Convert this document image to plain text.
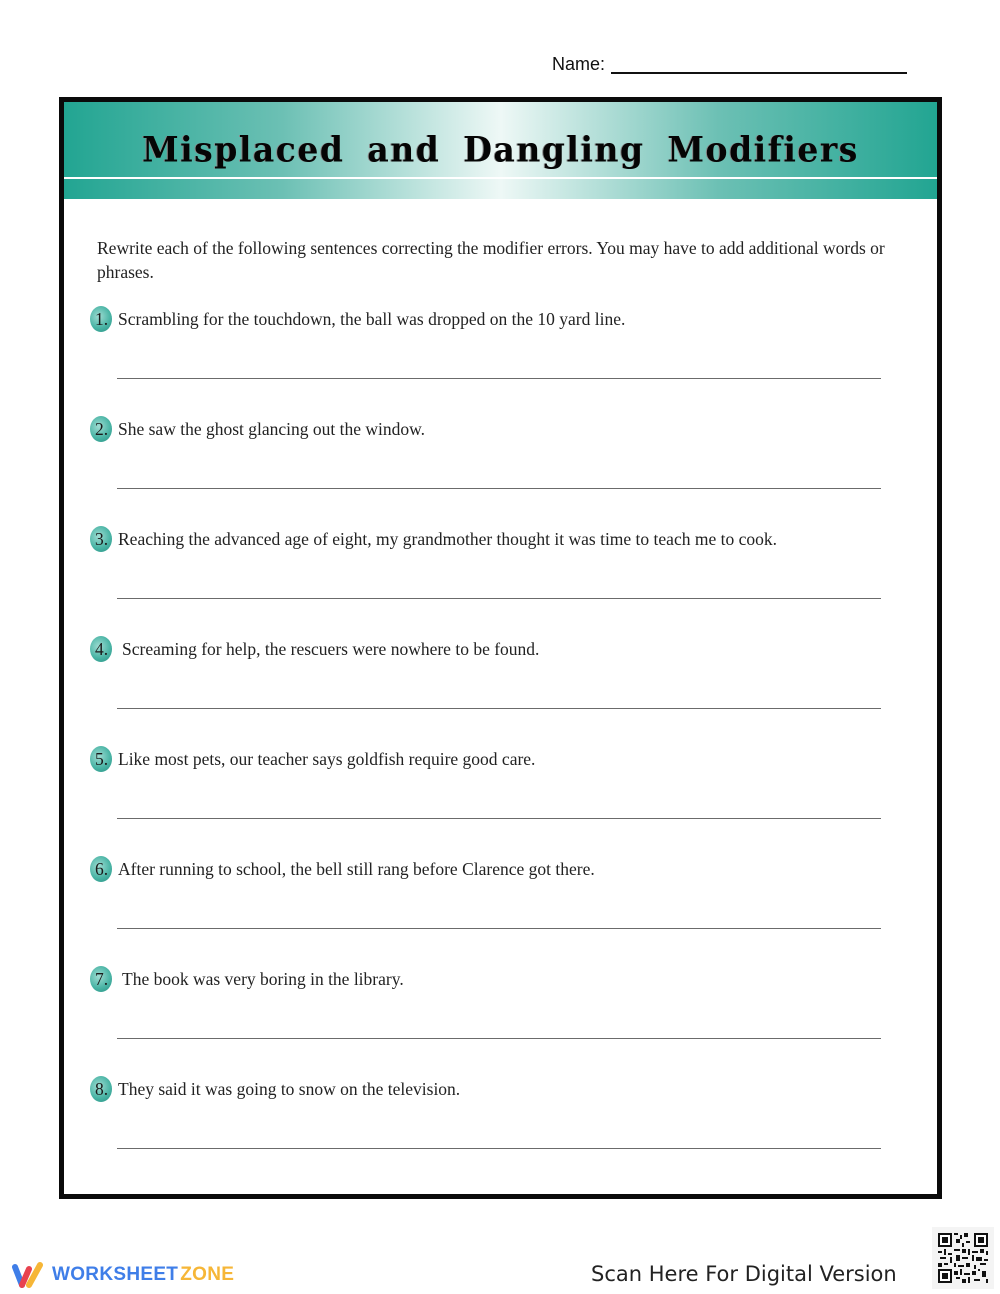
Name:
Misplaced and Dangling Modifiers
Rewrite each of the following sentences correcting the modifier errors. You may have to add additional words or phrases.
1. Scrambling for the touchdown, the ball was dropped on the 10 yard line.
2. She saw the ghost glancing out the window.
3. Reaching the advanced age of eight, my grandmother thought it was time to teach me to cook.
4. Screaming for help, the rescuers were nowhere to be found.
5. Like most pets, our teacher says goldfish require good care.
6. After running to school, the bell still rang before Clarence got there.
7. The book was very boring in the library.
8. They said it was going to snow on the television.
WORKSHEET ZONE	Scan Here For Digital Version
